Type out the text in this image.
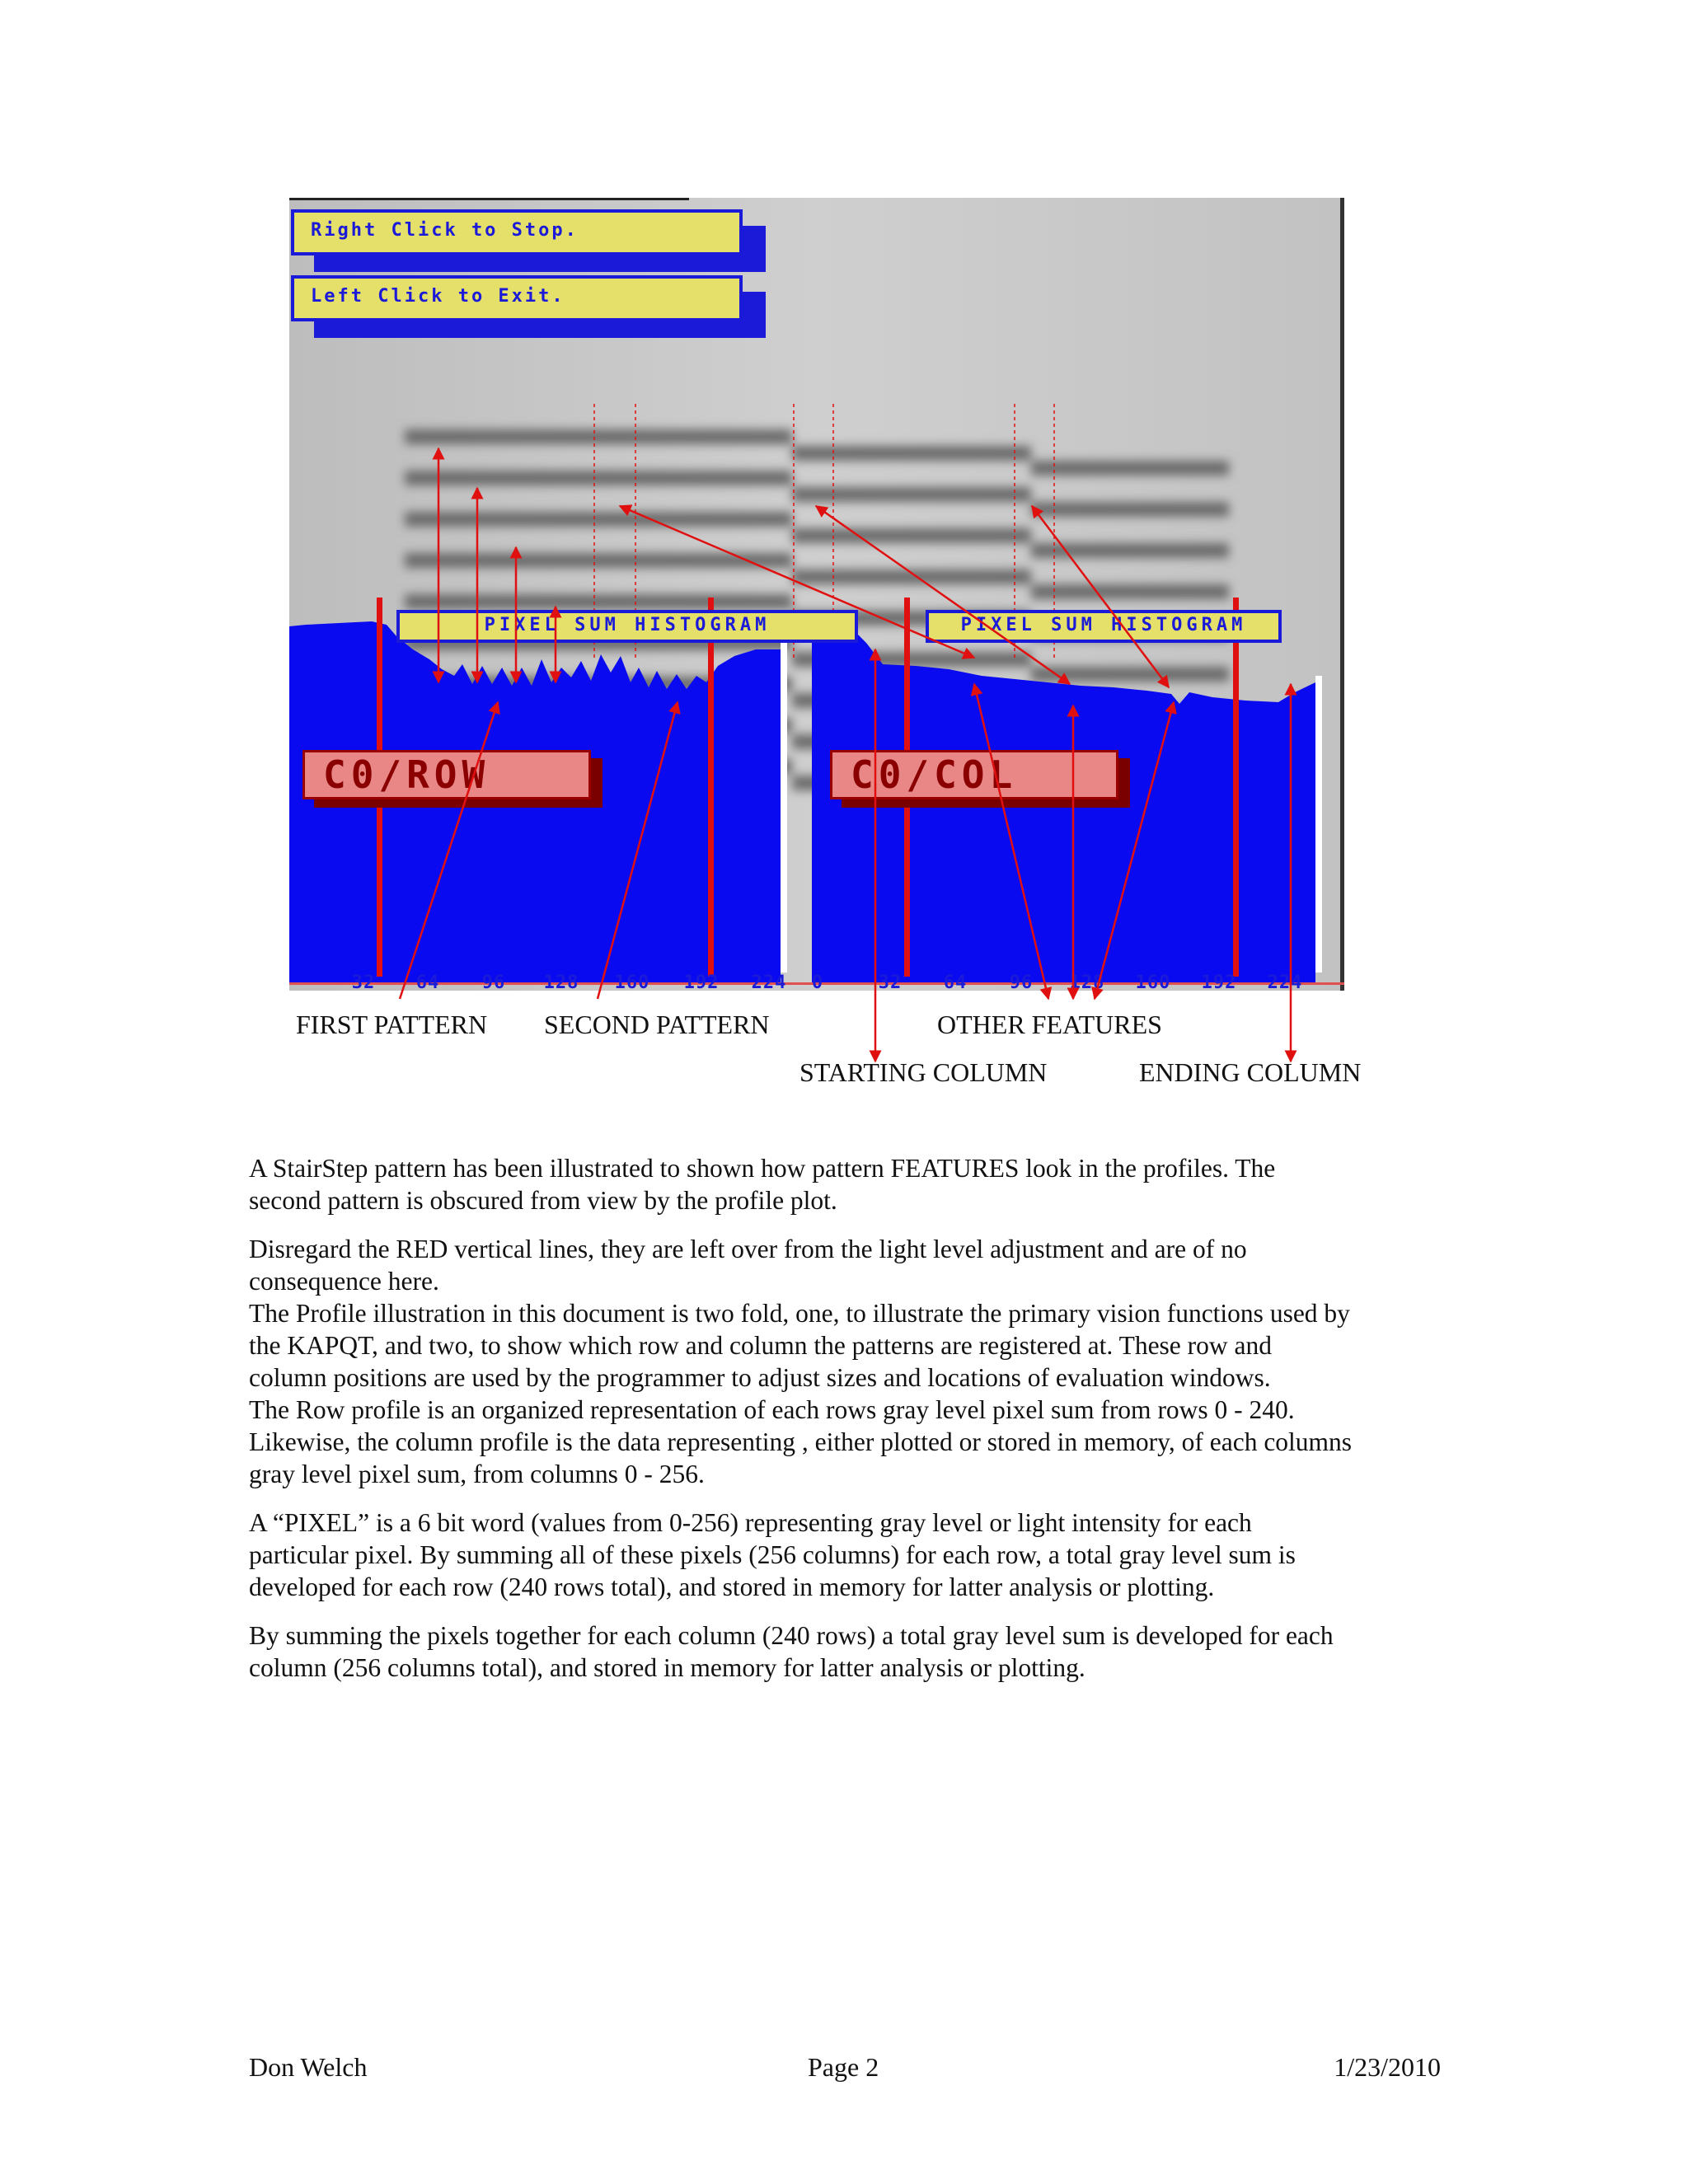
Right Click to Stop.
Left Click to Exit.
PIXEL SUM HISTOGRAM	PIXEL SUM HISTOGRAM
C0/ROW	C0/COL
32 64 96 128 160 192 224 0	32 64 96 128 160 192 224
FIRST PATTERN SECOND PATTERN	OTHER FEATURES
STARTING COLUMN	ENDING COLUMN

A StairStep pattern has been illustrated to shown how pattern FEATURES look in the profiles. The
second pattern is obscured from view by the profile plot.

Disregard the RED vertical lines, they are left over from the light level adjustment and are of no
consequence here.
The Profile illustration in this document is two fold, one, to illustrate the primary vision functions used by
the KAPQT, and two, to show which row and column the patterns are registered at. These row and
column positions are used by the programmer to adjust sizes and locations of evaluation windows.
The Row profile is an organized representation of each rows gray level pixel sum from rows 0 - 240.
Likewise, the column profile is the data representing , either plotted or stored in memory, of each columns
gray level pixel sum, from columns 0 - 256.

A “PIXEL” is a 6 bit word (values from 0-256) representing gray level or light intensity for each
particular pixel. By summing all of these pixels (256 columns) for each row, a total gray level sum is
developed for each row (240 rows total), and stored in memory for latter analysis or plotting.

By summing the pixels together for each column (240 rows) a total gray level sum is developed for each
column (256 columns total), and stored in memory for latter analysis or plotting.

Don Welch	Page 2	1/23/2010
